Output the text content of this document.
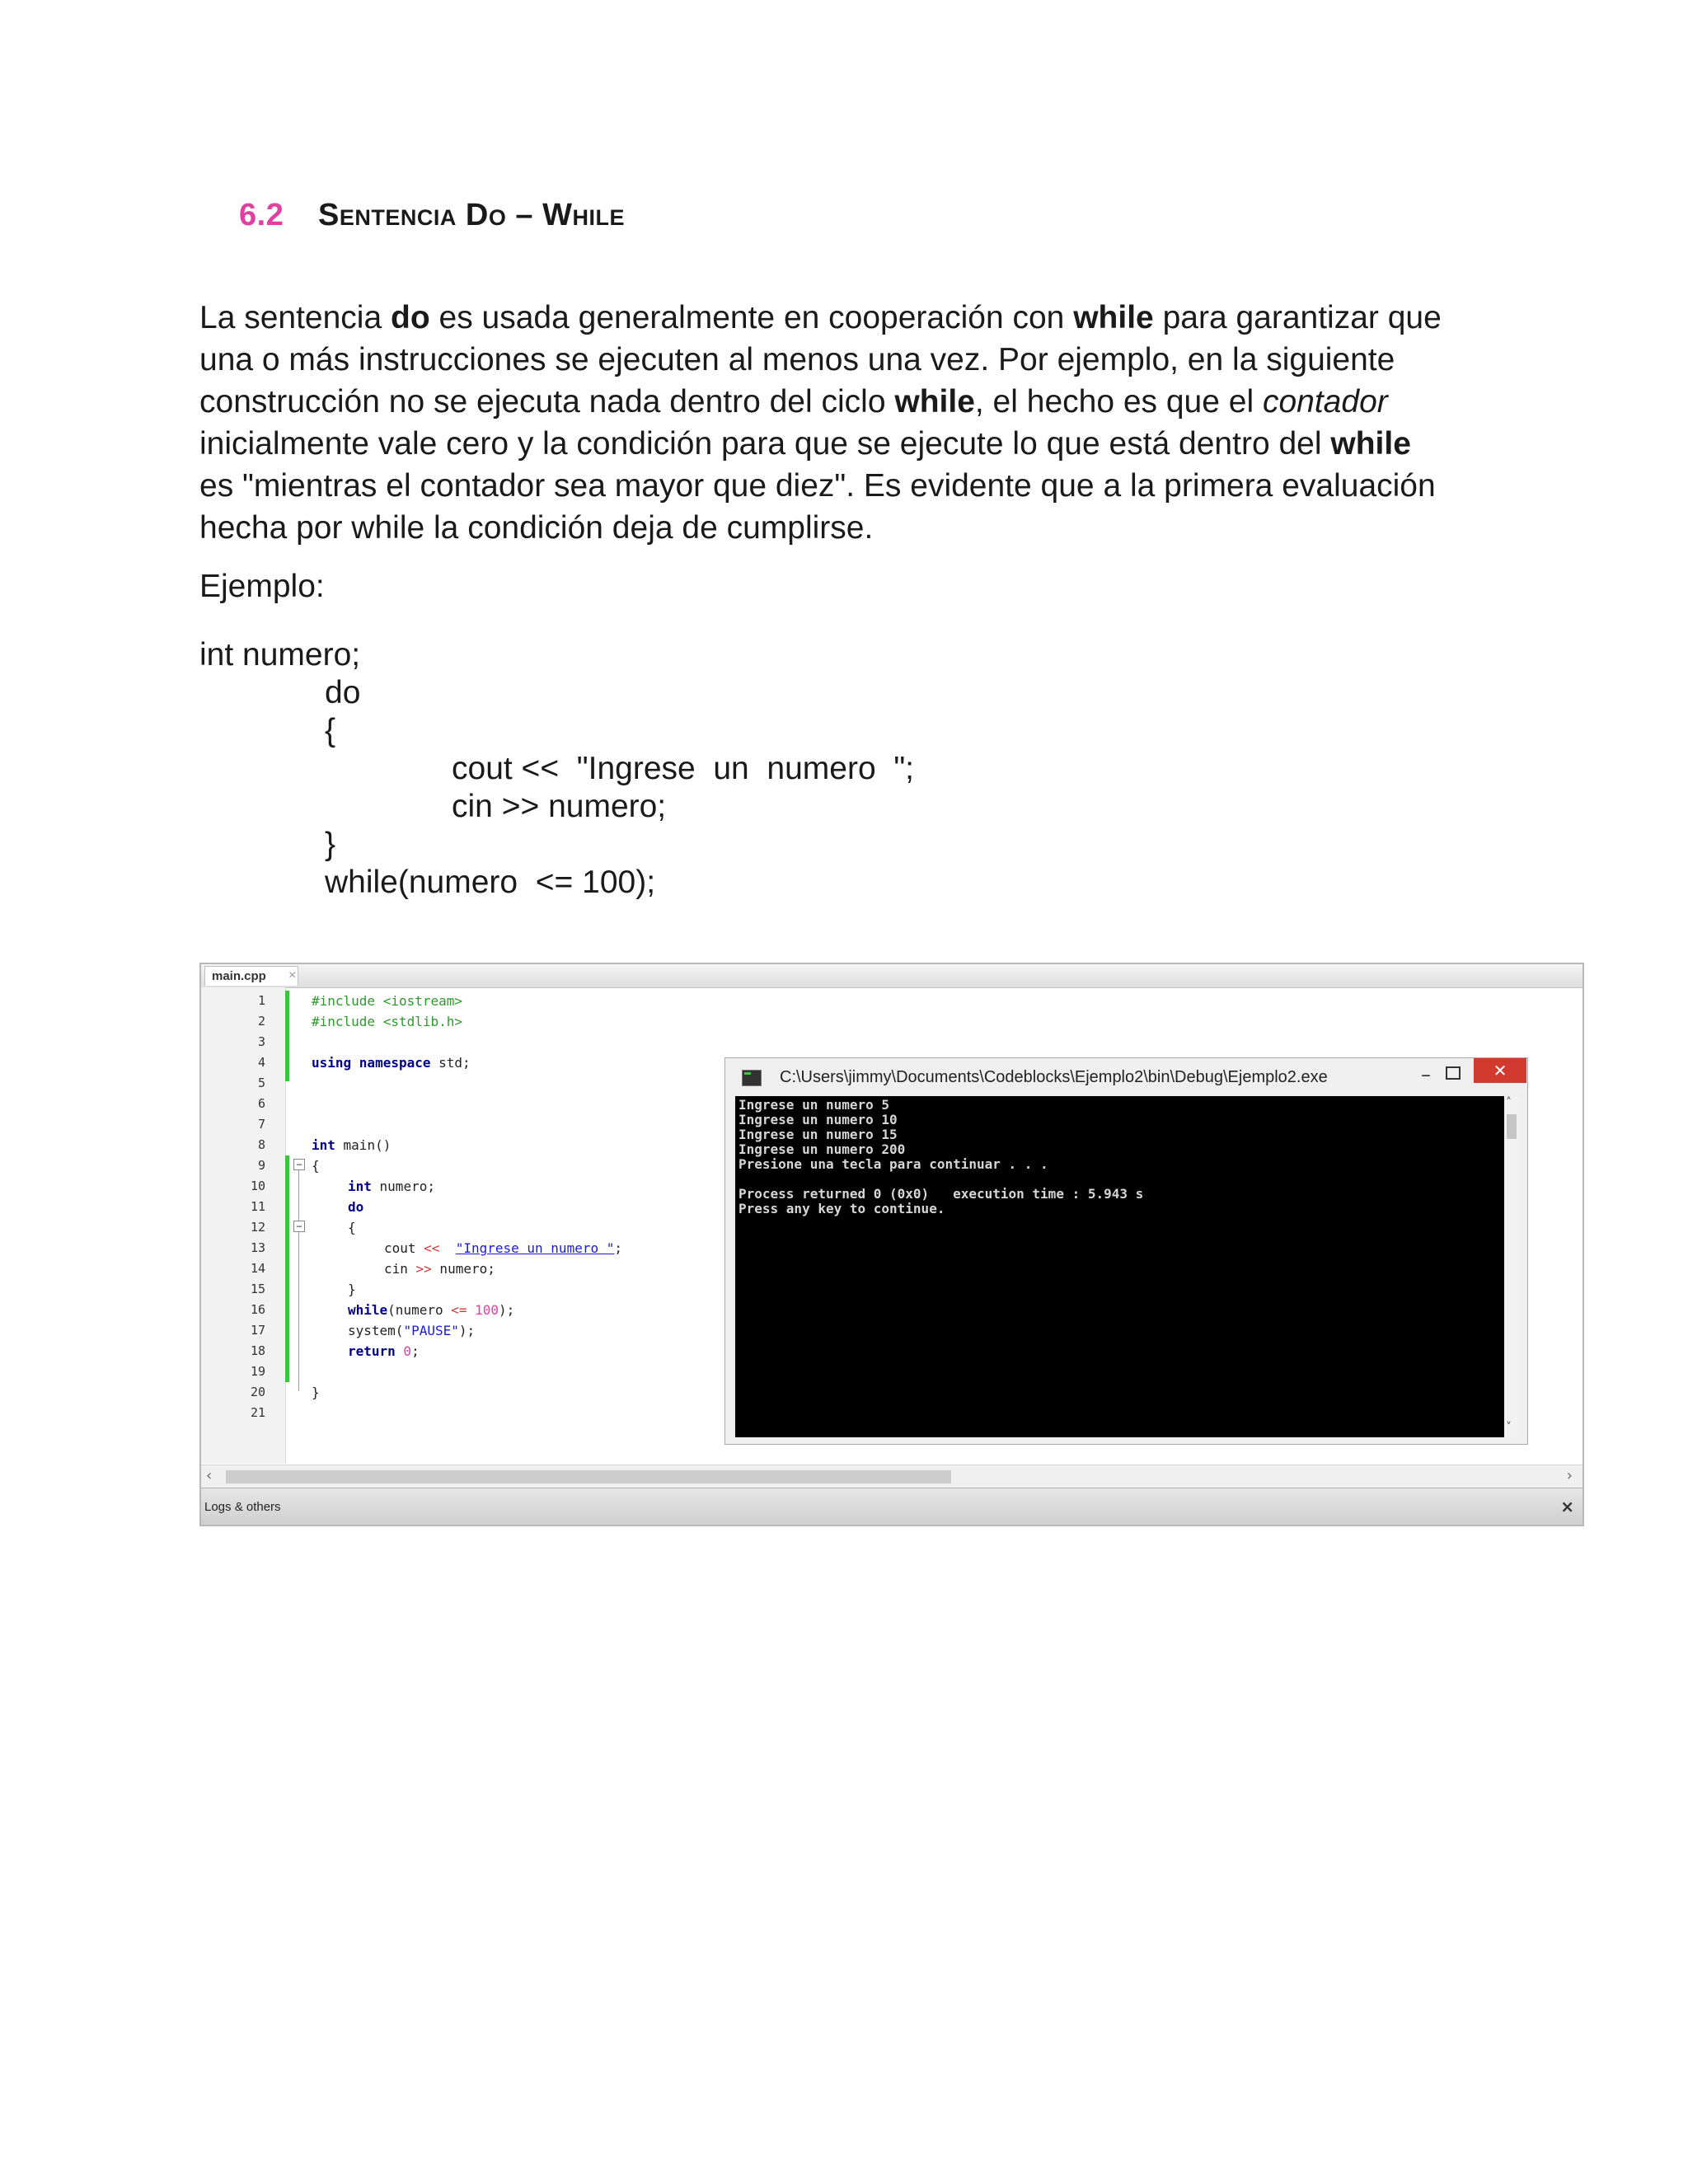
6.2 Sentencia Do – While
La sentencia do es usada generalmente en cooperación con while para garantizar que
una o más instrucciones se ejecuten al menos una vez. Por ejemplo, en la siguiente
construcción no se ejecuta nada dentro del ciclo while, el hecho es que el contador
inicialmente vale cero y la condición para que se ejecute lo que está dentro del while
es "mientras el contador sea mayor que diez". Es evidente que a la primera evaluación
hecha por while la condición deja de cumplirse.
Ejemplo:
int numero;
do
{
cout <<  "Ingrese  un  numero  ";
cin >> numero;
}
while(numero  <= 100);
main.cpp	×
1
2
3
4
5
6
7
8
9
10
11
12
13
14
15
16
17
18
19
20
21
−
−
#include <iostream>
#include <stdlib.h>
using namespace std;
int main()
{
int numero;
do
{
cout << "Ingrese un numero ";
cin >> numero;
}
while(numero <= 100);
system("PAUSE");
return 0;
}
C:\Users\jimmy\Documents\Codeblocks\Ejemplo2\bin\Debug\Ejemplo2.exe	–	✕
Ingrese un numero 5
Ingrese un numero 10
Ingrese un numero 15
Ingrese un numero 200
Presione una tecla para continuar . . .
Process returned 0 (0x0)   execution time : 5.943 s
Press any key to continue.
˄
˅
‹	›
Logs & others	×
